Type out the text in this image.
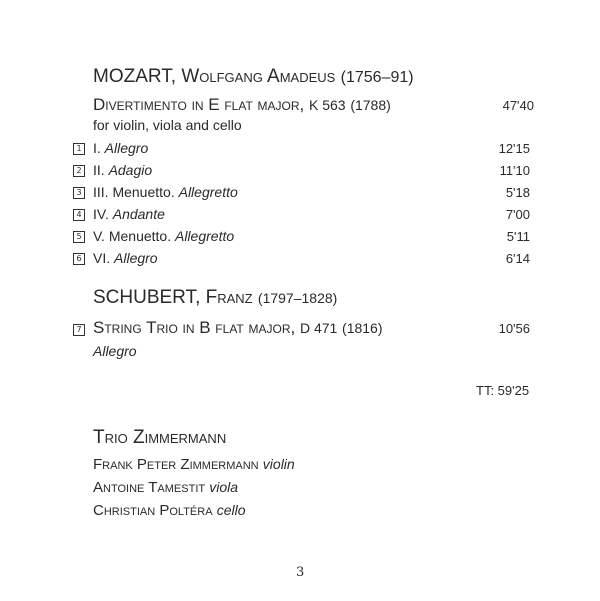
MOZART, Wolfgang Amadeus (1756–91)
Divertimento in E flat major, K 563 (1788)	47'40
for violin, viola and cello
1 I. Allegro	12'15
2 II. Adagio	11'10
3 III. Menuetto. Allegretto	5'18
4 IV. Andante	7'00
5 V. Menuetto. Allegretto	5'11
6 VI. Allegro	6'14
SCHUBERT, Franz (1797–1828)
7 String Trio in B flat major, D 471 (1816)	10'56
Allegro
TT: 59'25
Trio Zimmermann
Frank Peter Zimmermann violin
Antoine Tamestit viola
Christian Poltéra cello
3
